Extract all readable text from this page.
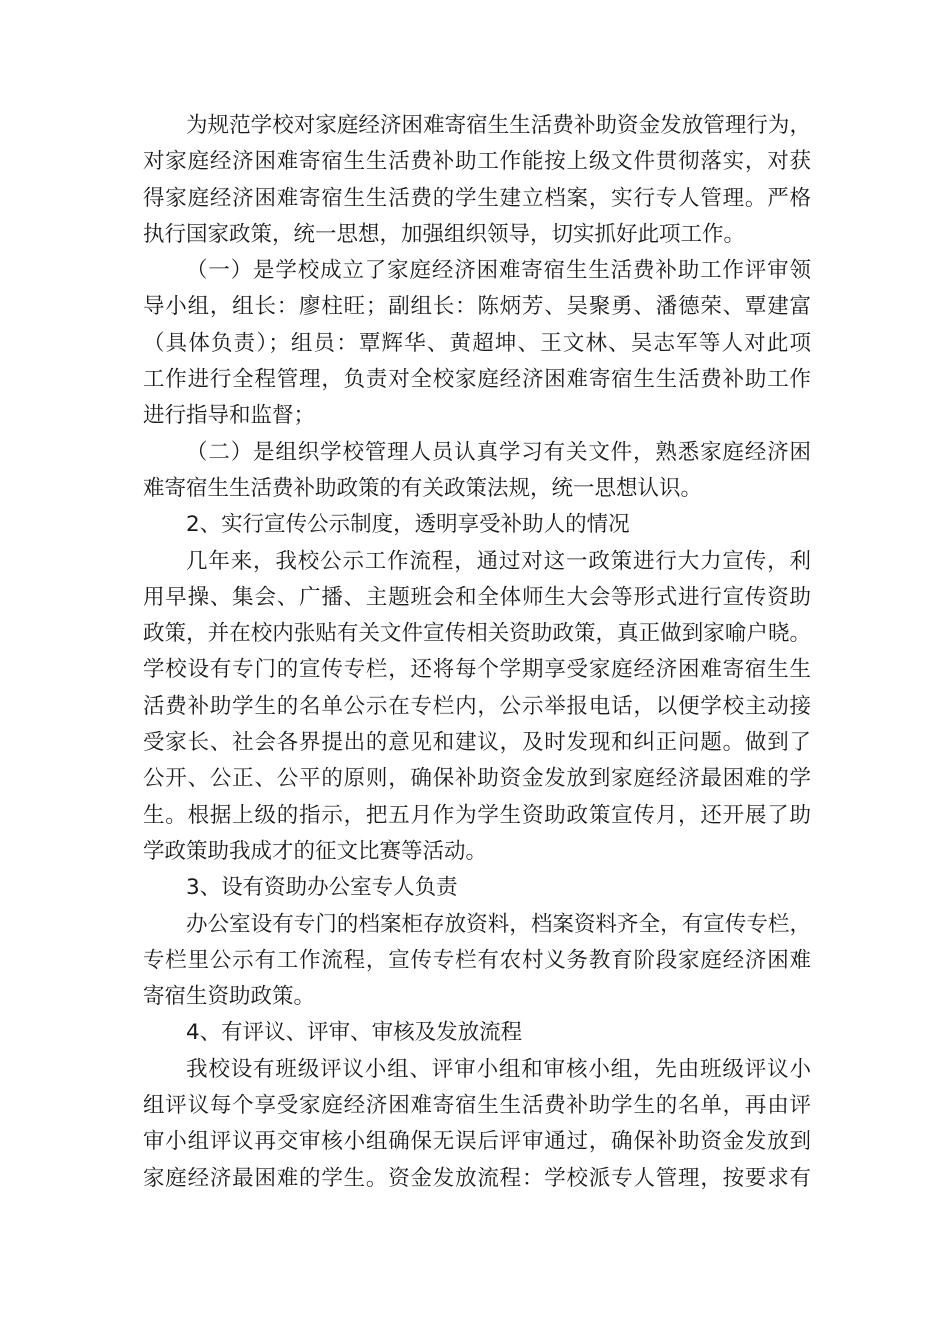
为规范学校对家庭经济困难寄宿生生活费补助资金发放管理行为，
对家庭经济困难寄宿生生活费补助工作能按上级文件贯彻落实，对获
得家庭经济困难寄宿生生活费的学生建立档案，实行专人管理。严格
执行国家政策，统一思想，加强组织领导，切实抓好此项工作。
（一）是学校成立了家庭经济困难寄宿生生活费补助工作评审领
导小组，组长：廖柱旺；副组长：陈炳芳、吴聚勇、潘德荣、覃建富
（具体负责）；组员：覃辉华、黄超坤、王文林、吴志军等人对此项
工作进行全程管理，负责对全校家庭经济困难寄宿生生活费补助工作
进行指导和监督；
（二）是组织学校管理人员认真学习有关文件，熟悉家庭经济困
难寄宿生生活费补助政策的有关政策法规，统一思想认识。
2、实行宣传公示制度，透明享受补助人的情况
几年来，我校公示工作流程，通过对这一政策进行大力宣传，利
用早操、集会、广播、主题班会和全体师生大会等形式进行宣传资助
政策，并在校内张贴有关文件宣传相关资助政策，真正做到家喻户晓。
学校设有专门的宣传专栏，还将每个学期享受家庭经济困难寄宿生生
活费补助学生的名单公示在专栏内，公示举报电话，以便学校主动接
受家长、社会各界提出的意见和建议，及时发现和纠正问题。做到了
公开、公正、公平的原则，确保补助资金发放到家庭经济最困难的学
生。根据上级的指示，把五月作为学生资助政策宣传月，还开展了助
学政策助我成才的征文比赛等活动。
3、设有资助办公室专人负责
办公室设有专门的档案柜存放资料，档案资料齐全，有宣传专栏，
专栏里公示有工作流程，宣传专栏有农村义务教育阶段家庭经济困难
寄宿生资助政策。
4、有评议、评审、审核及发放流程
我校设有班级评议小组、评审小组和审核小组，先由班级评议小
组评议每个享受家庭经济困难寄宿生生活费补助学生的名单，再由评
审小组评议再交审核小组确保无误后评审通过，确保补助资金发放到
家庭经济最困难的学生。资金发放流程：学校派专人管理，按要求有
